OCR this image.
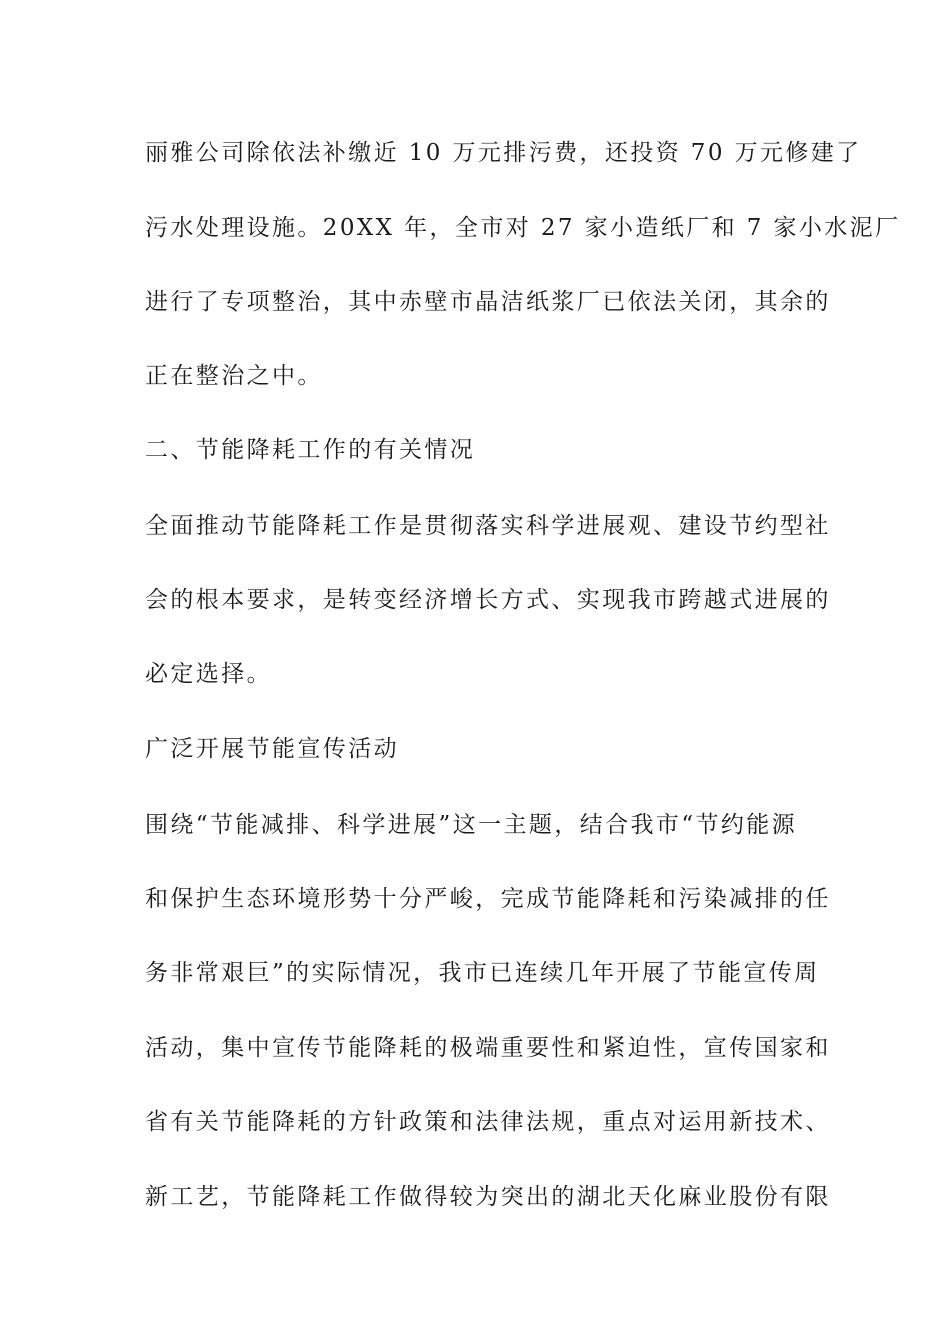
丽雅公司除依法补缴近 10 万元排污费，还投资 70 万元修建了
污水处理设施。20XX 年，全市对 27 家小造纸厂和 7 家小水泥厂
进行了专项整治，其中赤壁市晶洁纸浆厂已依法关闭，其余的
正在整治之中。
二、节能降耗工作的有关情况
全面推动节能降耗工作是贯彻落实科学进展观、建设节约型社
会的根本要求，是转变经济增长方式、实现我市跨越式进展的
必定选择。
广泛开展节能宣传活动
围绕“节能减排、科学进展”这一主题，结合我市“节约能源
和保护生态环境形势十分严峻，完成节能降耗和污染减排的任
务非常艰巨”的实际情况，我市已连续几年开展了节能宣传周
活动，集中宣传节能降耗的极端重要性和紧迫性，宣传国家和
省有关节能降耗的方针政策和法律法规，重点对运用新技术、
新工艺，节能降耗工作做得较为突出的湖北天化麻业股份有限
